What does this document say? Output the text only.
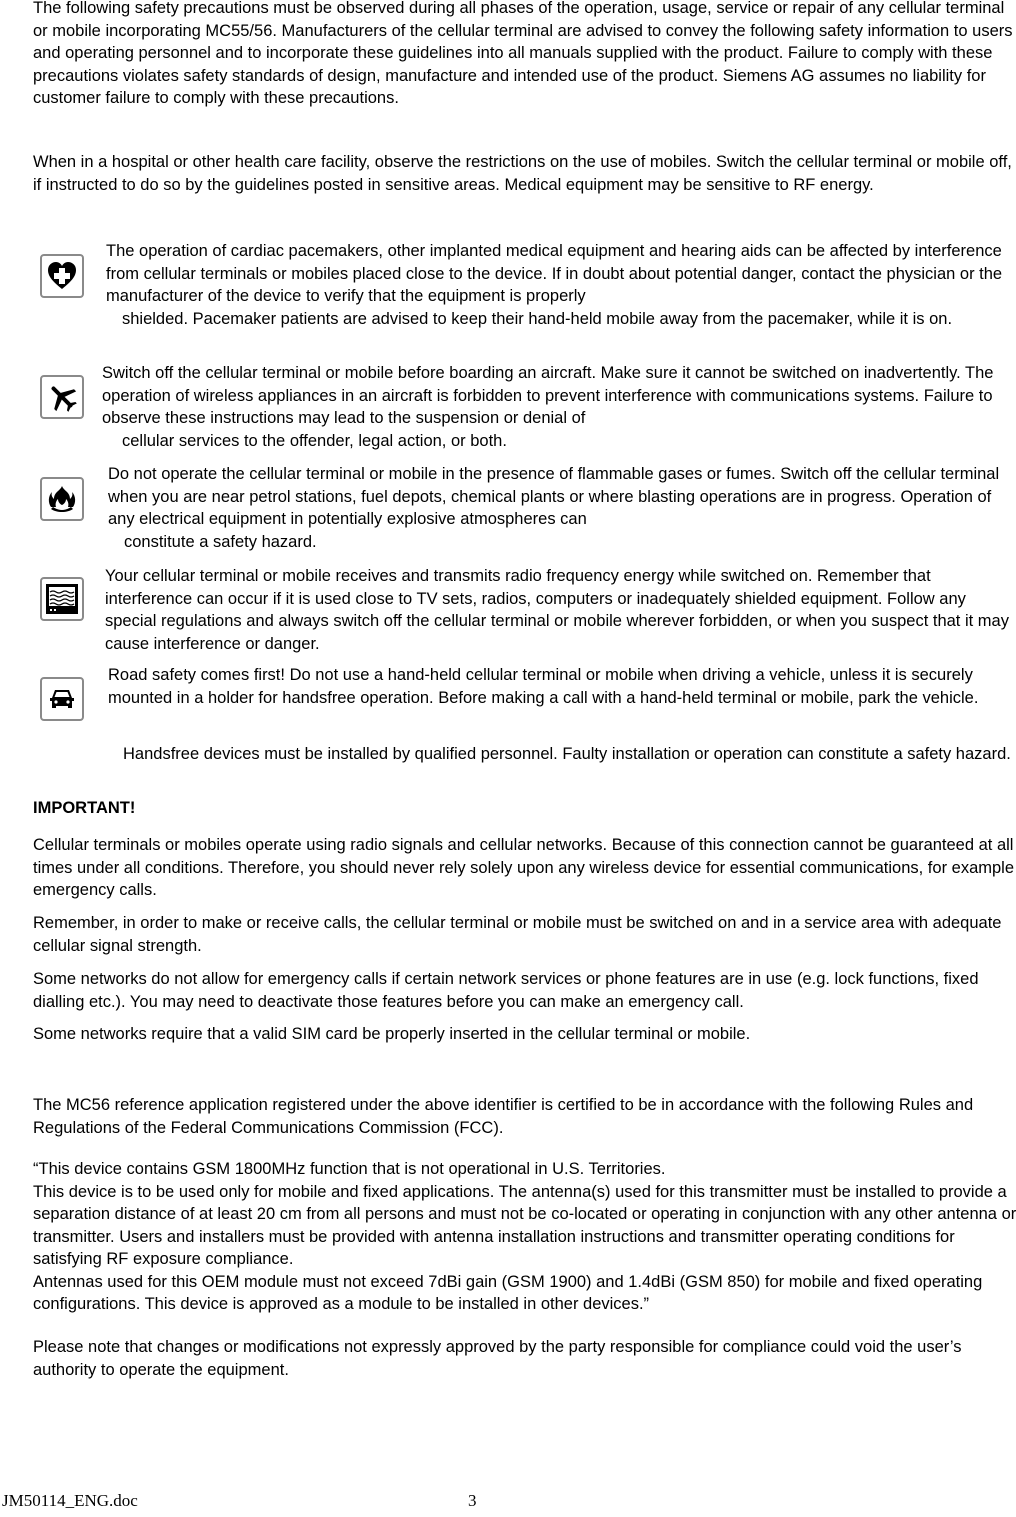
The following safety precautions must be observed during all phases of the operation, usage, service or repair of any cellular terminal or mobile incorporating MC55/56. Manufacturers of the cellular terminal are advised to convey the following safety information to users and operating personnel and to incorporate these guidelines into all manuals supplied with the product. Failure to comply with these precautions violates safety standards of design, manufacture and intended use of the product. Siemens AG assumes no liability for customer failure to comply with these precautions.

When in a hospital or other health care facility, observe the restrictions on the use of mobiles. Switch the cellular terminal or mobile off, if instructed to do so by the guidelines posted in sensitive areas. Medical equipment may be sensitive to RF energy.

The operation of cardiac pacemakers, other implanted medical equipment and hearing aids can be affected by interference from cellular terminals or mobiles placed close to the device. If in doubt about potential danger, contact the physician or the manufacturer of the device to verify that the equipment is properly

shielded. Pacemaker patients are advised to keep their hand-held mobile away from the pacemaker, while it is on.

Switch off the cellular terminal or mobile before boarding an aircraft. Make sure it cannot be switched on inadvertently. The operation of wireless appliances in an aircraft is forbidden to prevent interference with communications systems. Failure to observe these instructions may lead to the suspension or denial of

cellular services to the offender, legal action, or both.

Do not operate the cellular terminal or mobile in the presence of flammable gases or fumes. Switch off the cellular terminal when you are near petrol stations, fuel depots, chemical plants or where blasting operations are in progress. Operation of any electrical equipment in potentially explosive atmospheres can

constitute a safety hazard.

Your cellular terminal or mobile receives and transmits radio frequency energy while switched on. Remember that interference can occur if it is used close to TV sets, radios, computers or inadequately shielded equipment. Follow any special regulations and always switch off the cellular terminal or mobile wherever forbidden, or when you suspect that it may cause interference or danger.

Road safety comes first! Do not use a hand-held cellular terminal or mobile when driving a vehicle, unless it is securely mounted in a holder for handsfree operation. Before making a call with a hand-held terminal or mobile, park the vehicle.

Handsfree devices must be installed by qualified personnel. Faulty installation or operation can constitute a safety hazard.

IMPORTANT!

Cellular terminals or mobiles operate using radio signals and cellular networks. Because of this connection cannot be guaranteed at all times under all conditions. Therefore, you should never rely solely upon any wireless device for essential communications, for example emergency calls.

Remember, in order to make or receive calls, the cellular terminal or mobile must be switched on and in a service area with adequate cellular signal strength.

Some networks do not allow for emergency calls if certain network services or phone features are in use (e.g. lock functions, fixed dialling etc.). You may need to deactivate those features before you can make an emergency call.

Some networks require that a valid SIM card be properly inserted in the cellular terminal or mobile.

The MC56 reference application registered under the above identifier is certified to be in accordance with the following Rules and Regulations of the Federal Communications Commission (FCC).

“This device contains GSM 1800MHz function that is not operational in U.S. Territories.

This device is to be used only for mobile and fixed applications. The antenna(s) used for this transmitter must be installed to provide a separation distance of at least 20 cm from all persons and must not be co-located or operating in conjunction with any other antenna or transmitter. Users and installers must be provided with antenna installation instructions and transmitter operating conditions for satisfying RF exposure compliance.

Antennas used for this OEM module must not exceed 7dBi gain (GSM 1900) and 1.4dBi (GSM 850) for mobile and fixed operating configurations. This device is approved as a module to be installed in other devices.”

Please note that changes or modifications not expressly approved by the party responsible for compliance could void the user’s authority to operate the equipment.

JM50114_ENG.doc	3
